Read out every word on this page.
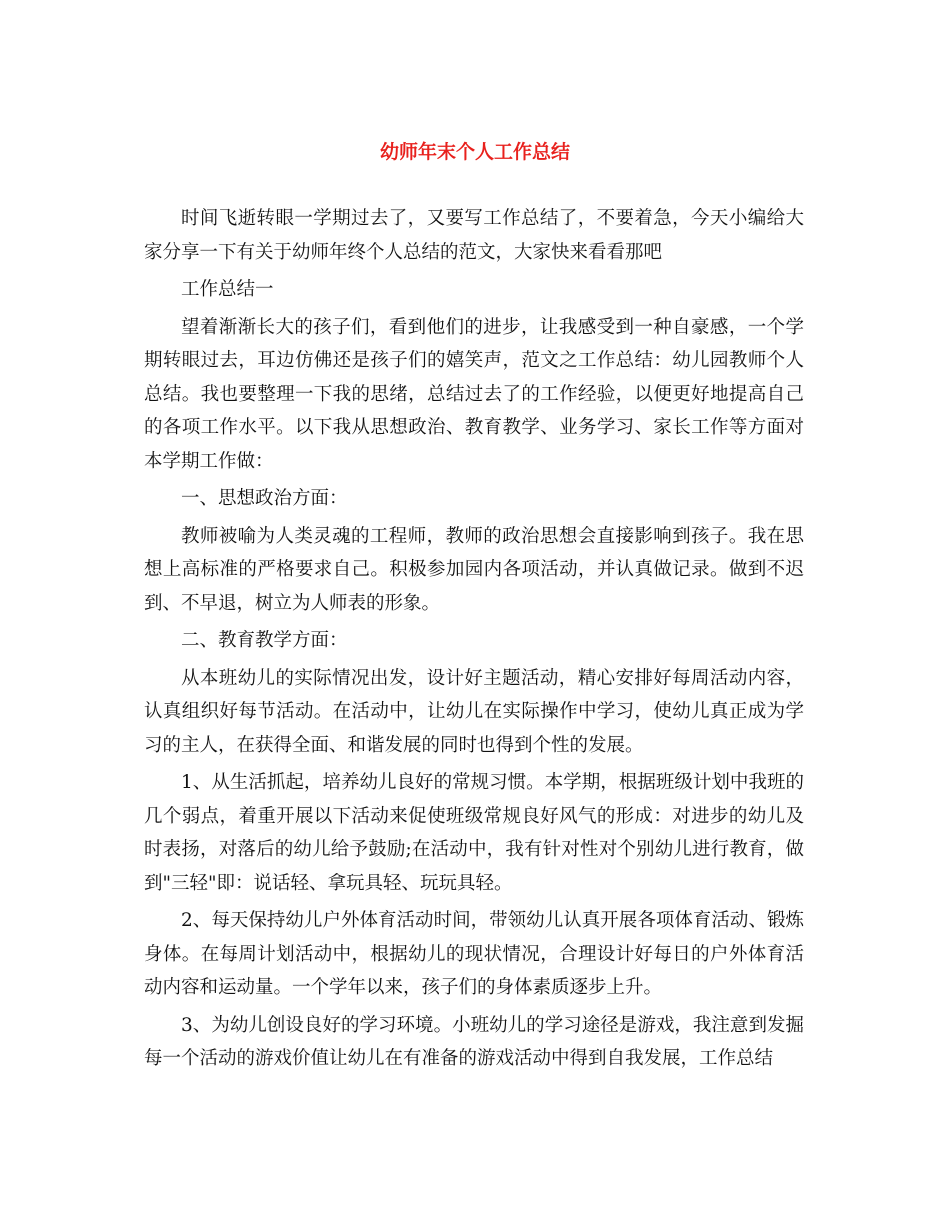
幼师年末个人工作总结

时间飞逝转眼一学期过去了，又要写工作总结了，不要着急，今天小编给大家分享一下有关于幼师年终个人总结的范文，大家快来看看那吧

工作总结一

望着渐渐长大的孩子们，看到他们的进步，让我感受到一种自豪感，一个学期转眼过去，耳边仿佛还是孩子们的嬉笑声，范文之工作总结：幼儿园教师个人总结。我也要整理一下我的思绪，总结过去了的工作经验，以便更好地提高自己的各项工作水平。以下我从思想政治、教育教学、业务学习、家长工作等方面对本学期工作做：

一、思想政治方面：

教师被喻为人类灵魂的工程师，教师的政治思想会直接影响到孩子。我在思想上高标准的严格要求自己。积极参加园内各项活动，并认真做记录。做到不迟到、不早退，树立为人师表的形象。

二、教育教学方面：

从本班幼儿的实际情况出发，设计好主题活动，精心安排好每周活动内容，认真组织好每节活动。在活动中，让幼儿在实际操作中学习，使幼儿真正成为学习的主人，在获得全面、和谐发展的同时也得到个性的发展。

1、从生活抓起，培养幼儿良好的常规习惯。本学期，根据班级计划中我班的几个弱点，着重开展以下活动来促使班级常规良好风气的形成：对进步的幼儿及时表扬，对落后的幼儿给予鼓励;在活动中，我有针对性对个别幼儿进行教育，做到"三轻"即：说话轻、拿玩具轻、玩玩具轻。

2、每天保持幼儿户外体育活动时间，带领幼儿认真开展各项体育活动、锻炼身体。在每周计划活动中，根据幼儿的现状情况，合理设计好每日的户外体育活动内容和运动量。一个学年以来，孩子们的身体素质逐步上升。

3、为幼儿创设良好的学习环境。小班幼儿的学习途径是游戏，我注意到发掘每一个活动的游戏价值让幼儿在有准备的游戏活动中得到自我发展，工作总结
